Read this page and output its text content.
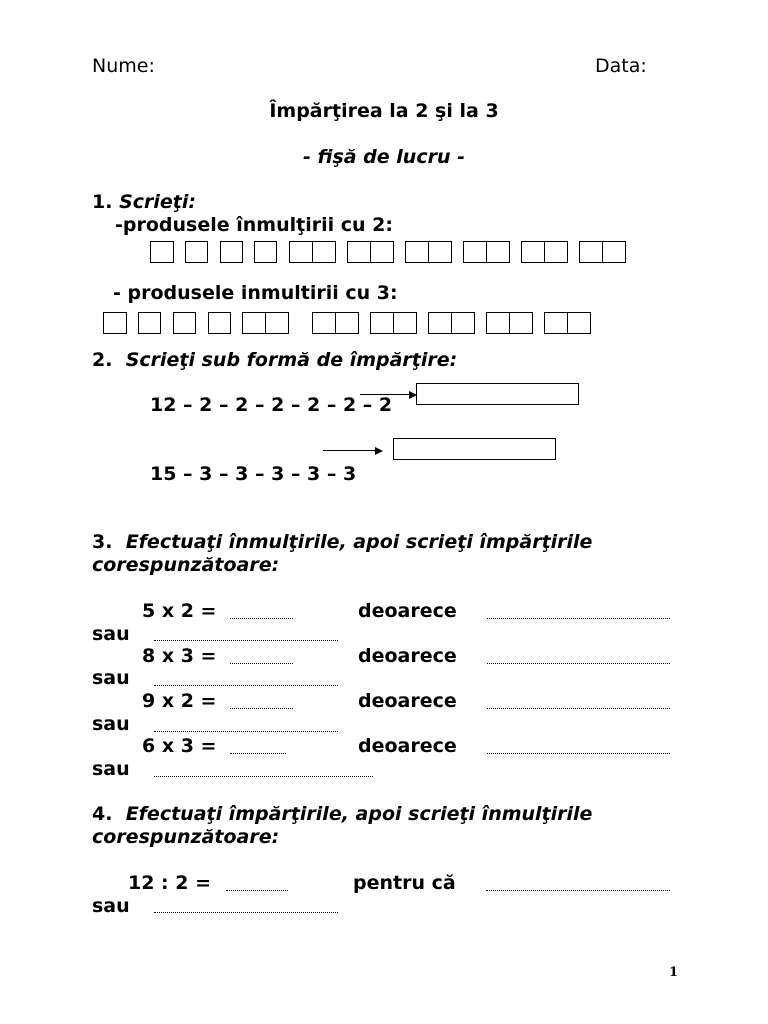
Nume:	Data:
Împărţirea la 2 şi la 3
- fişă de lucru -
1. Scrieţi:
-produsele înmulţirii cu 2:
- produsele inmultirii cu 3:
2. Scrieţi sub formă de împărţire:
12 – 2 – 2 – 2 – 2 – 2 – 2
15 – 3 – 3 – 3 – 3 – 3
3. Efectuaţi înmulţirile, apoi scrieţi împărţirile
corespunzătoare:
5 x 2 =	deoarece
sau
8 x 3 =	deoarece
sau
9 x 2 =	deoarece
sau
6 x 3 =	deoarece
sau
4. Efectuaţi împărţirile, apoi scrieţi înmulţirile
corespunzătoare:
12 : 2 =	pentru că
sau
1
